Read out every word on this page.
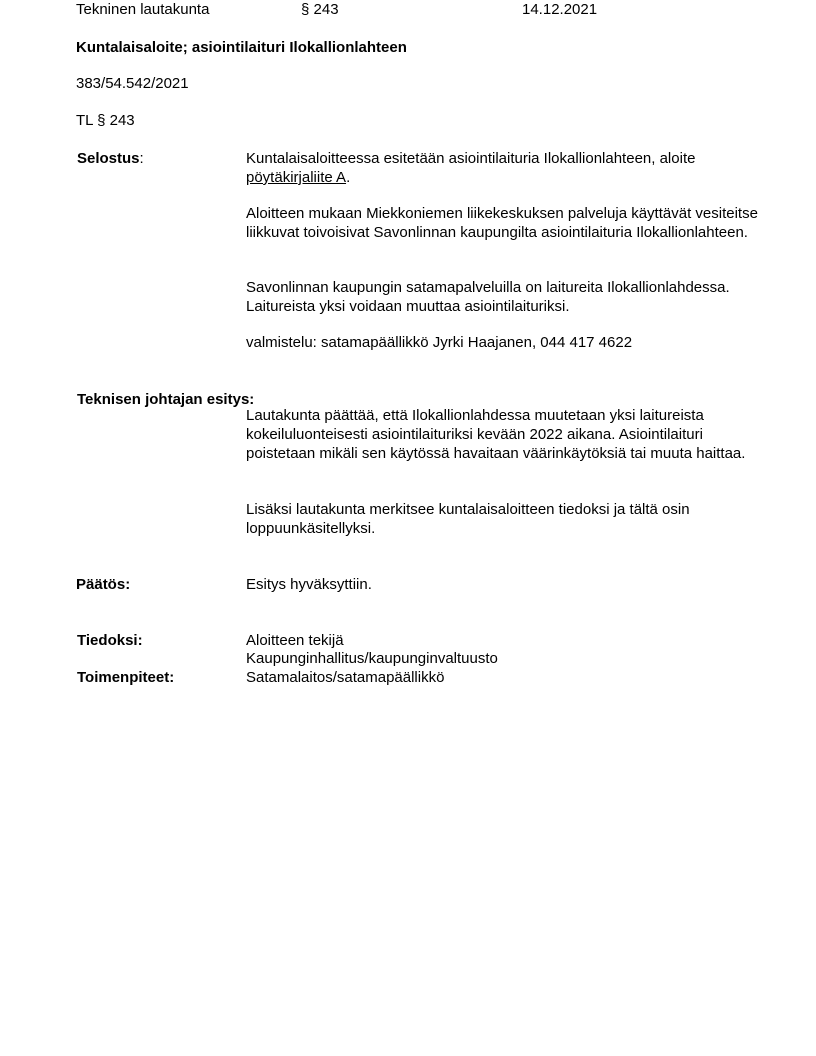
Tekninen lautakunta	§ 243	14.12.2021
Kuntalaisaloite; asiointilaituri Ilokallionlahteen
383/54.542/2021
TL § 243
Selostus:	Kuntalaisaloitteessa esitetään asiointilaituria Ilokallionlahteen, aloite pöytäkirjaliite A.

Aloitteen mukaan Miekkoniemen liikekeskuksen palveluja käyttävät vesiteitse liikkuvat toivoisivat Savonlinnan kaupungilta asiointilaituria Ilokallionlahteen.
Savonlinnan kaupungin satamapalveluilla on laitureita Ilokallionlahdessa. Laitureista yksi voidaan muuttaa asiointilaituriksi.
valmistelu: satamapäällikkö Jyrki Haajanen, 044 417 4622
Teknisen johtajan esitys:
Lautakunta päättää, että Ilokallionlahdessa muutetaan yksi laitureista kokeiluluonteisesti asiointilaituriksi kevään 2022 aikana. Asiointilaituri poistetaan mikäli sen käytössä havaitaan väärinkäytöksiä tai muuta haittaa.
Lisäksi lautakunta merkitsee kuntalaisaloitteen tiedoksi ja tältä osin loppuunkäsitellyksi.
Päätös:	Esitys hyväksyttiin.
Tiedoksi:	Aloitteen tekijä
Kaupunginhallitus/kaupunginvaltuusto
Toimenpiteet:	Satamalaitos/satamapäällikkö
